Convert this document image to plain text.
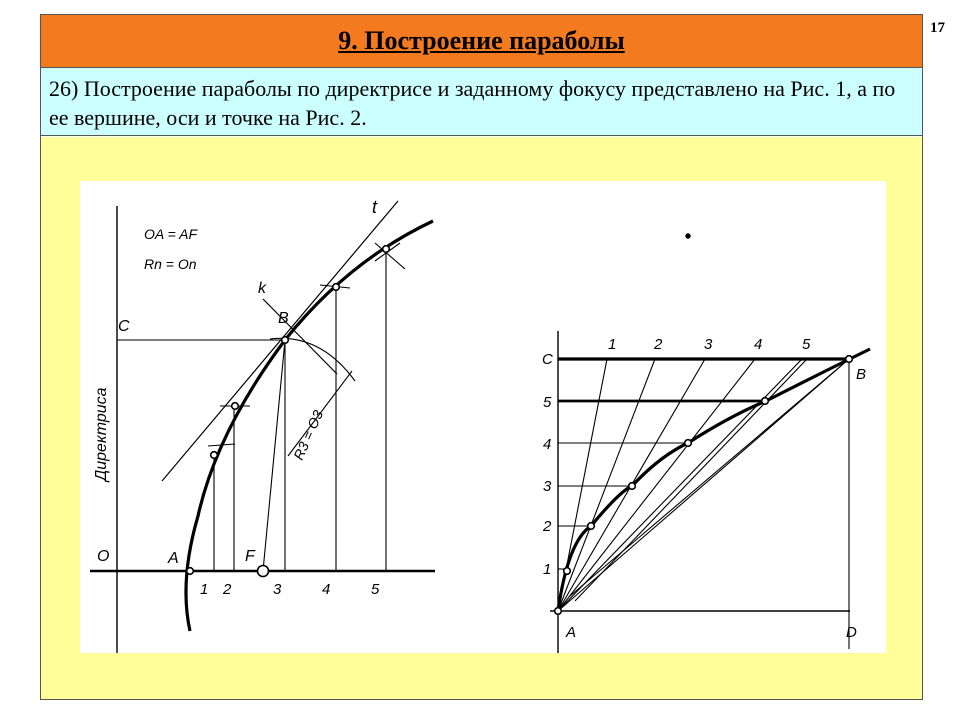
17
9. Построение параболы

26) Построение параболы по директрисе и заданному фокусу представлено на Рис. 1, а по ее вершине, оси и точке на Рис. 2.

OA = AF
Rn = On
t
k
B
C
O	A	F
1 2	3	4	5
Директриса	R3 = O3
C
5
4
3
2
1
A	D
B
1	2	3	4	5
